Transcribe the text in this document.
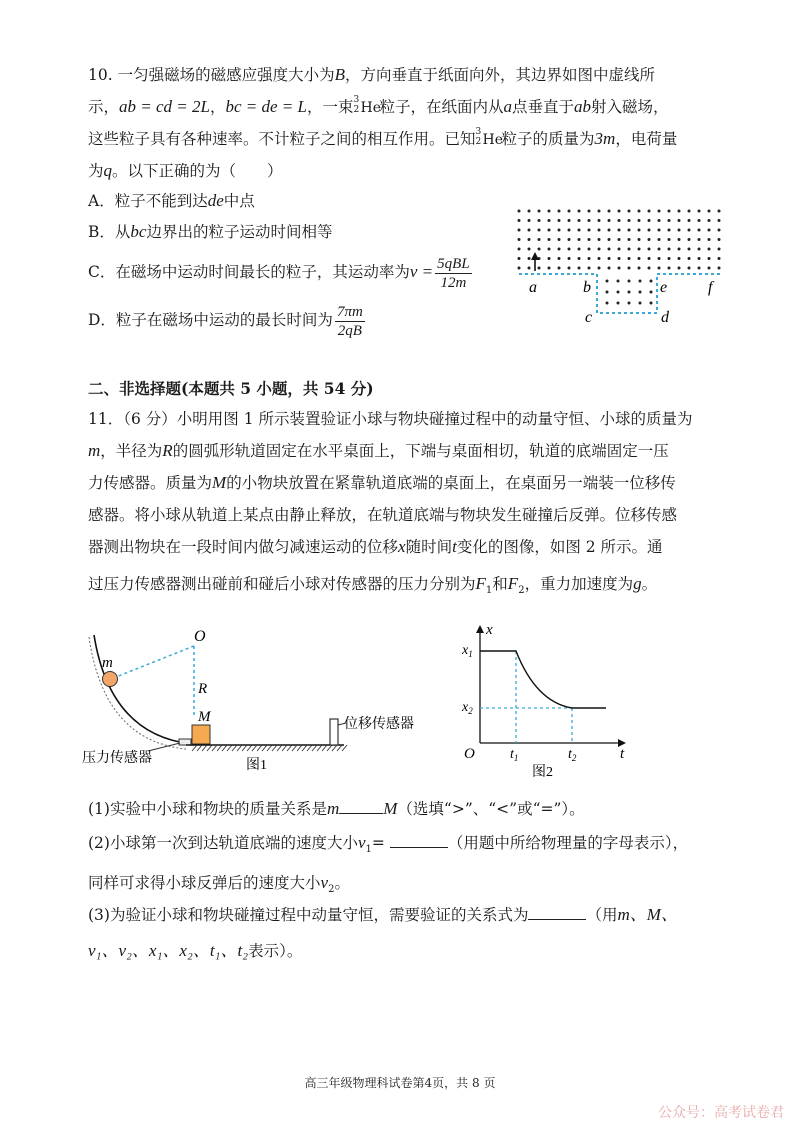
10. 一匀强磁场的磁感应强度大小为B，方向垂直于纸面向外，其边界如图中虚线所
示，ab = cd = 2L，bc = de = L，一束 3
2 He粒子，在纸面内从a点垂直于ab射入磁场，
这些粒子具有各种速率。不计粒子之间的相互作用。已知 3
2 He粒子的质量为3m，电荷量
为q。以下正确的为（　　）
A．粒子不能到达de中点
B．从bc边界出的粒子运动时间相等
C．在磁场中运动时间最长的粒子，其运动率为$v = \frac{\text{5qBL}}{12m}$
D．粒子在磁场中运动的最长时间为 $\frac{7\pi m}{2qB}$
a	b
c	d
e	f
二、非选择题(本题共 5 小题，共 54 分)
11．（6 分）小明用图 1 所示装置验证小球与物块碰撞过程中的动量守恒、小球的质量为
m，半径为R的圆弧形轨道固定在水平桌面上，下端与桌面相切，轨道的底端固定一压
力传感器。质量为M的小物块放置在紧靠轨道底端的桌面上，在桌面另一端装一位移传
感器。将小球从轨道上某点由静止释放，在轨道底端与物块发生碰撞后反弹。位移传感
器测出物块在一段时间内做匀减速运动的位移x随时间t变化的图像，如图 2 所示。通
过压力传感器测出碰前和碰后小球对传感器的压力分别为$F_1$和$F_2$，重力加速度为g。
O
m
R
M	位移传感器
压力传感器	图1
x
t
O
$x_1$
$x_2$
$t_1$	$t_2$
图2
(1)实验中小球和物块的质量关系是m	M（选填“>”、“<”或“=”）。
(2)小球第一次到达轨道底端的速度大小$v_1=$	（用题中所给物理量的字母表示），
同样可求得小球反弹后的速度大小$v_2$。
(3)为验证小球和物块碰撞过程中动量守恒，需要验证的关系式为	（用m、M、
v₁、v₂、x₁、x₂、t₁、t₂表示）。
高三年级物理科试卷第4页，共 8 页
公众号：高考试卷君
